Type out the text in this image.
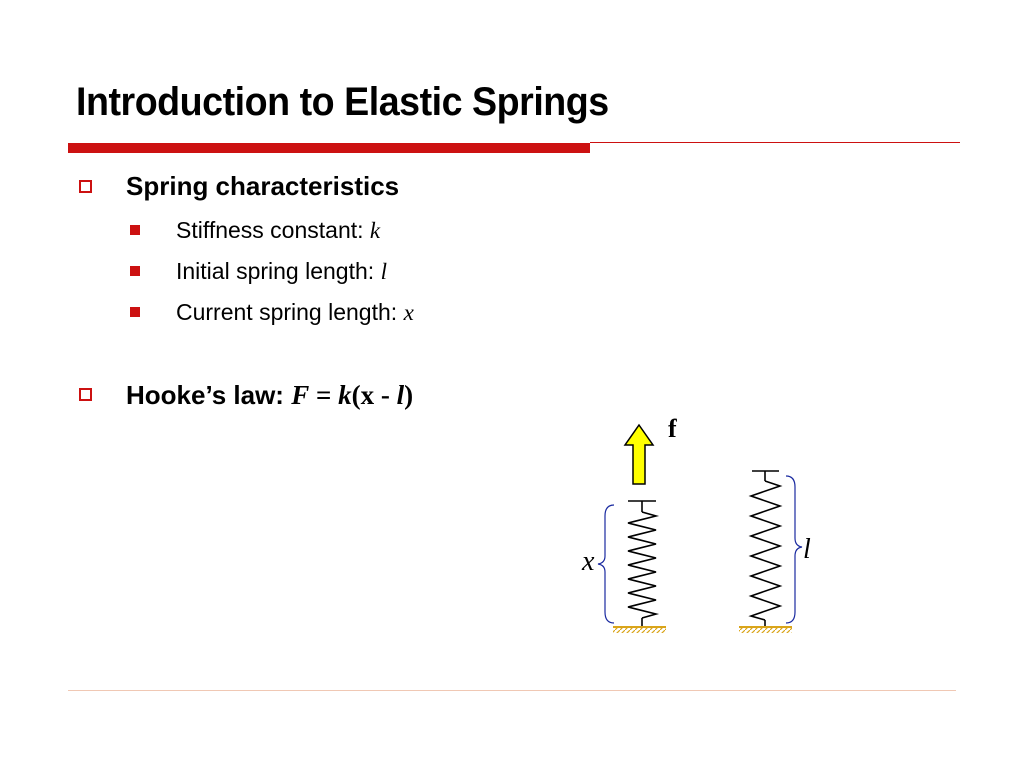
Introduction to Elastic Springs
Spring characteristics
Stiffness constant: k
Initial spring length: l
Current spring length: x
Hooke’s law: F = k(x - l)
f
x	l
